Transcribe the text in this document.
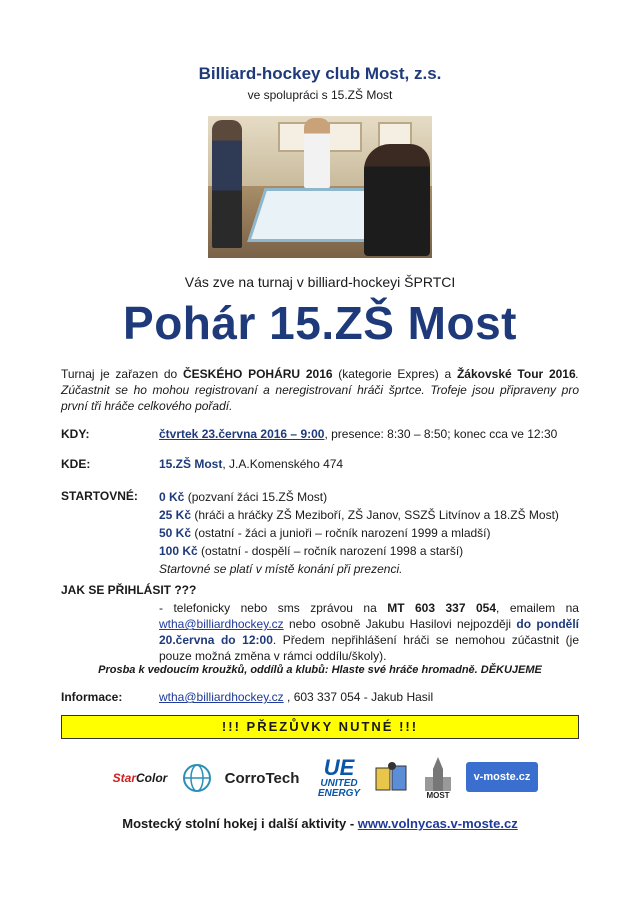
Billiard-hockey club Most, z.s.
ve spolupráci s 15.ZŠ Most
Vás zve na turnaj v billiard-hockeyi ŠPRTCI
Pohár 15.ZŠ Most
Turnaj je zařazen do ČESKÉHO POHÁRU 2016 (kategorie Expres) a Žákovské Tour 2016. Zúčastnit se ho mohou registrovaní a neregistrovaní hráči šprtce. Trofeje jsou připraveny pro první tři hráče celkového pořadí.
KDY:	čtvrtek 23.června 2016 – 9:00, presence: 8:30 – 8:50; konec cca ve 12:30
KDE:	15.ZŠ Most, J.A.Komenského 474
STARTOVNÉ:	0 Kč (pozvaní žáci 15.ZŠ Most)
25 Kč (hráči a hráčky ZŠ Meziboří, ZŠ Janov, SSZŠ Litvínov a 18.ZŠ Most)
50 Kč (ostatní - žáci a junioři – ročník narození 1999 a mladší)
100 Kč (ostatní - dospělí – ročník narození 1998 a starší)
Startovné se platí v místě konání při prezenci.
JAK SE PŘIHLÁSIT ???
- telefonicky nebo sms zprávou na MT 603 337 054, emailem na wtha@billiardhockey.cz nebo osobně Jakubu Hasilovi nejpozději do pondělí 20.června do 12:00. Předem nepřihlášení hráči se nemohou zúčastnit (je pouze možná změna v rámci oddílu/školy).
Prosba k vedoucím kroužků, oddílů a klubů: Hlaste své hráče hromadně. DĚKUJEME
Informace:	wtha@billiardhockey.cz , 603 337 054 - Jakub Hasil
!!! PŘEZŮVKY NUTNÉ !!!
Star Color	CorroTech	UE
UNITED
ENERGY	MOST
v-moste.cz
Mostecký stolní hokej i další aktivity - www.volnycas.v-moste.cz
